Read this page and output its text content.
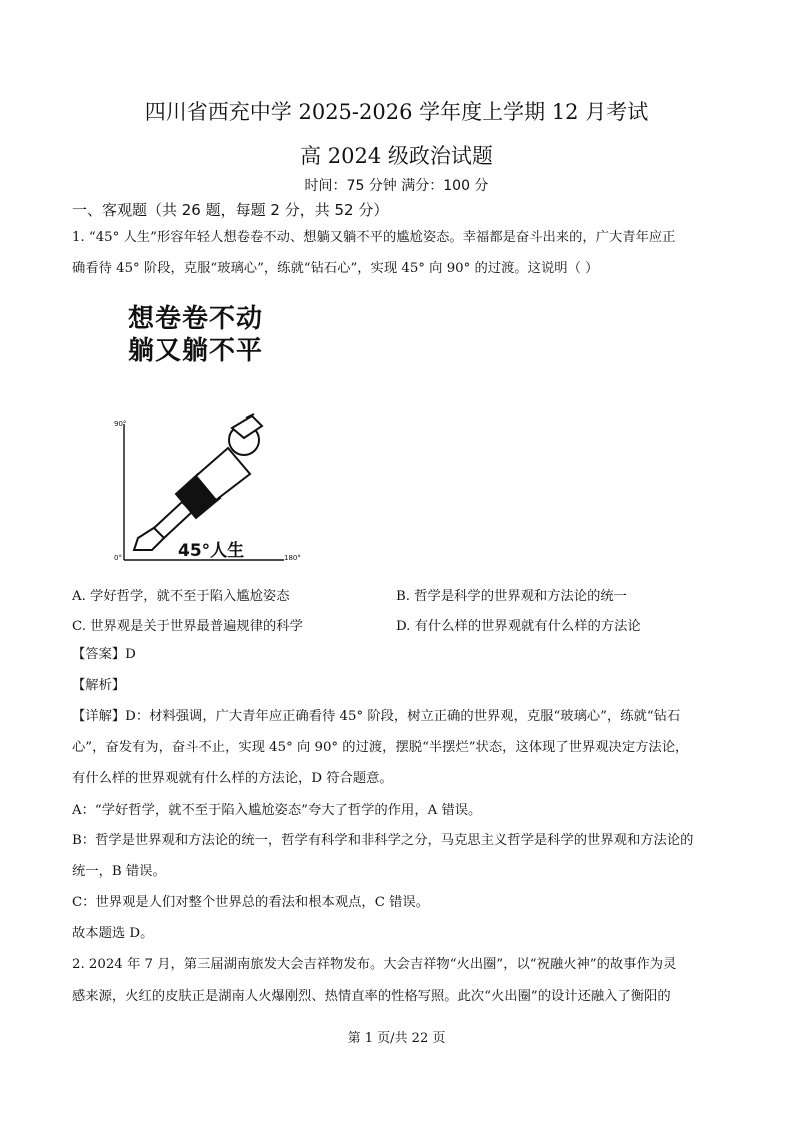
四川省西充中学 2025-2026 学年度上学期 12 月考试
高 2024 级政治试题
时间：75 分钟 满分：100 分
一、客观题（共 26 题，每题 2 分，共 52 分）
1. “45° 人生”形容年轻人想卷卷不动、想躺又躺不平的尴尬姿态。幸福都是奋斗出来的，广大青年应正
确看待 45° 阶段，克服“玻璃心”，练就“钻石心”，实现 45° 向 90° 的过渡。这说明（ ）
想卷卷不动
躺又躺不平
90°
0°	180°
45°人生
A. 学好哲学，就不至于陷入尴尬姿态	B. 哲学是科学的世界观和方法论的统一
C. 世界观是关于世界最普遍规律的科学	D. 有什么样的世界观就有什么样的方法论
【答案】D
【解析】
【详解】D：材料强调，广大青年应正确看待 45° 阶段，树立正确的世界观，克服“玻璃心”，练就“钻石
心”，奋发有为，奋斗不止，实现 45° 向 90° 的过渡，摆脱“半摆烂”状态，这体现了世界观决定方法论，
有什么样的世界观就有什么样的方法论，D 符合题意。
A：“学好哲学，就不至于陷入尴尬姿态”夸大了哲学的作用，A 错误。
B：哲学是世界观和方法论的统一，哲学有科学和非科学之分，马克思主义哲学是科学的世界观和方法论的
统一，B 错误。
C：世界观是人们对整个世界总的看法和根本观点，C 错误。
故本题选 D。
2. 2024 年 7 月，第三届湖南旅发大会吉祥物发布。大会吉祥物“火出圈”，以“祝融火神”的故事作为灵
感来源，火红的皮肤正是湖南人火爆刚烈、热情直率的性格写照。此次“火出圈”的设计还融入了衡阳的
第 1 页/共 22 页
